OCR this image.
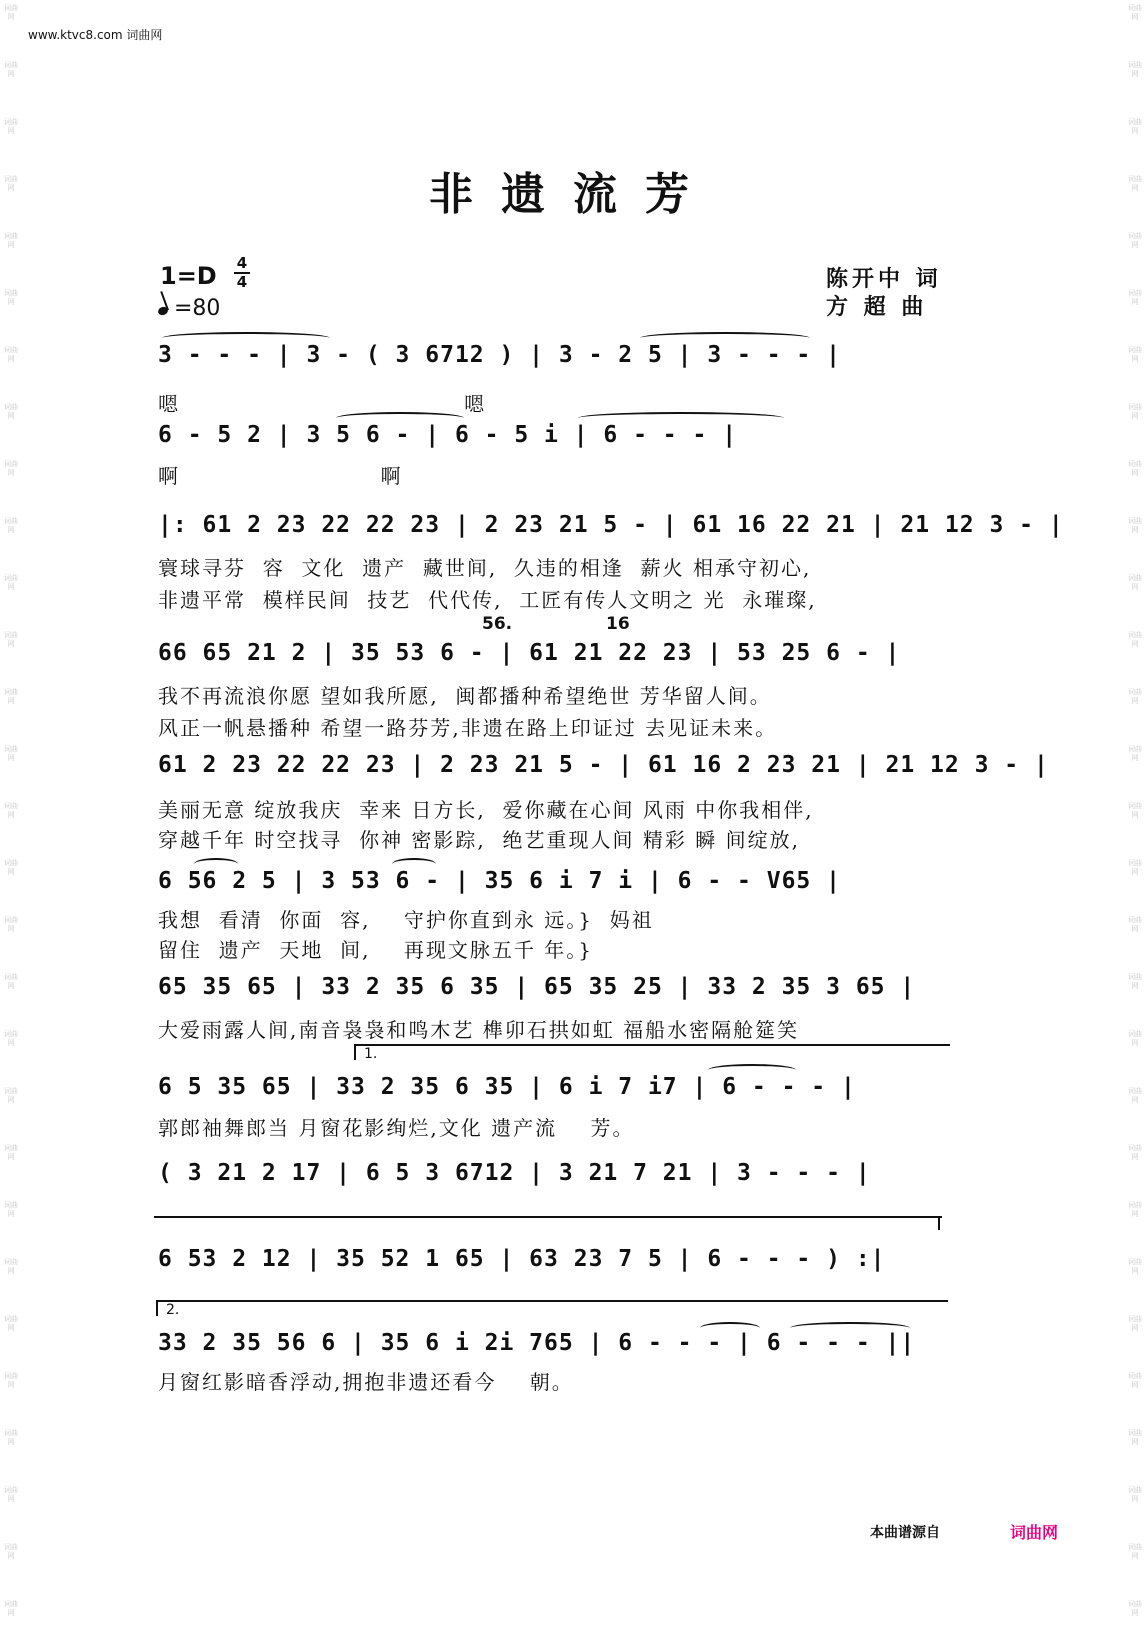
词曲网
词曲网
词曲网
词曲网
词曲网
词曲网
词曲网
词曲网
词曲网
词曲网
词曲网
词曲网
词曲网
词曲网
词曲网
词曲网
词曲网
词曲网
词曲网
词曲网
词曲网
词曲网
词曲网
词曲网
词曲网
词曲网
词曲网
词曲网
词曲网
词曲网
词曲网
词曲网
词曲网
词曲网
词曲网
词曲网
词曲网
词曲网
词曲网
词曲网
词曲网
词曲网
词曲网
词曲网
词曲网
词曲网
词曲网
词曲网
词曲网
词曲网
词曲网
词曲网
词曲网
词曲网
词曲网
词曲网
词曲网
词曲网
www.ktvc8.com 词曲网
非遗流芳
1=D 4
4
=80
陈开中 词
方 超 曲
3 - - - | 3 - ( 3 6712 ) | 3 - 2 5 | 3 - - - |
嗯                                  嗯
6 - 5 2 | 3 5 6 - | 6 - 5 i | 6 - - - |
啊                        啊
|: 61 2 23 22 22 23 | 2 23 21 5 - | 61 16 22 21 | 21 12 3 - |
寰球寻芬  容  文化  遗产  藏世间,  久违的相逢  薪火 相承守初心,
非遗平常  模样民间  技艺  代代传,  工匠有传人文明之 光  永璀璨,
56.	16
66 65 21 2 | 35 53 6 - | 61 21 22 23 | 53 25 6 - |
我不再流浪你愿 望如我所愿,  闽都播种希望绝世 芳华留人间。
风正一帆悬播种 希望一路芬芳,非遗在路上印证过 去见证未来。
61 2 23 22 22 23 | 2 23 21 5 - | 61 16 2 23 21 | 21 12 3 - |
美丽无意 绽放我庆  幸来 日方长,  爱你藏在心间 风雨 中你我相伴,
穿越千年 时空找寻  你神 密影踪,  绝艺重现人间 精彩 瞬 间绽放,
6 56 2 5 | 3 53 6 - | 35 6 i 7 i | 6 - - V65 |
我想  看清  你面  容,    守护你直到永 远。}  妈祖
留住  遗产  天地  间,    再现文脉五千 年。}
65 35 65 | 33 2 35 6 35 | 65 35 25 | 33 2 35 3 65 |
大爱雨露人间,南音袅袅和鸣木艺 榫卯石拱如虹 福船水密隔舱筵笑
1.
6 5 35 65 | 33 2 35 6 35 | 6 i 7 i7 | 6 - - - |
郭郎袖舞郎当 月窗花影绚烂,文化 遗产流    芳。
( 3 21 2 17 | 6 5 3 6712 | 3 21 7 21 | 3 - - - |
6 53 2 12 | 35 52 1 65 | 63 23 7 5 | 6 - - - ) :|
2.
33 2 35 56 6 | 35 6 i 2i 765 | 6 - - - | 6 - - - ||
月窗红影暗香浮动,拥抱非遗还看今    朝。
本曲谱源自	词曲网
